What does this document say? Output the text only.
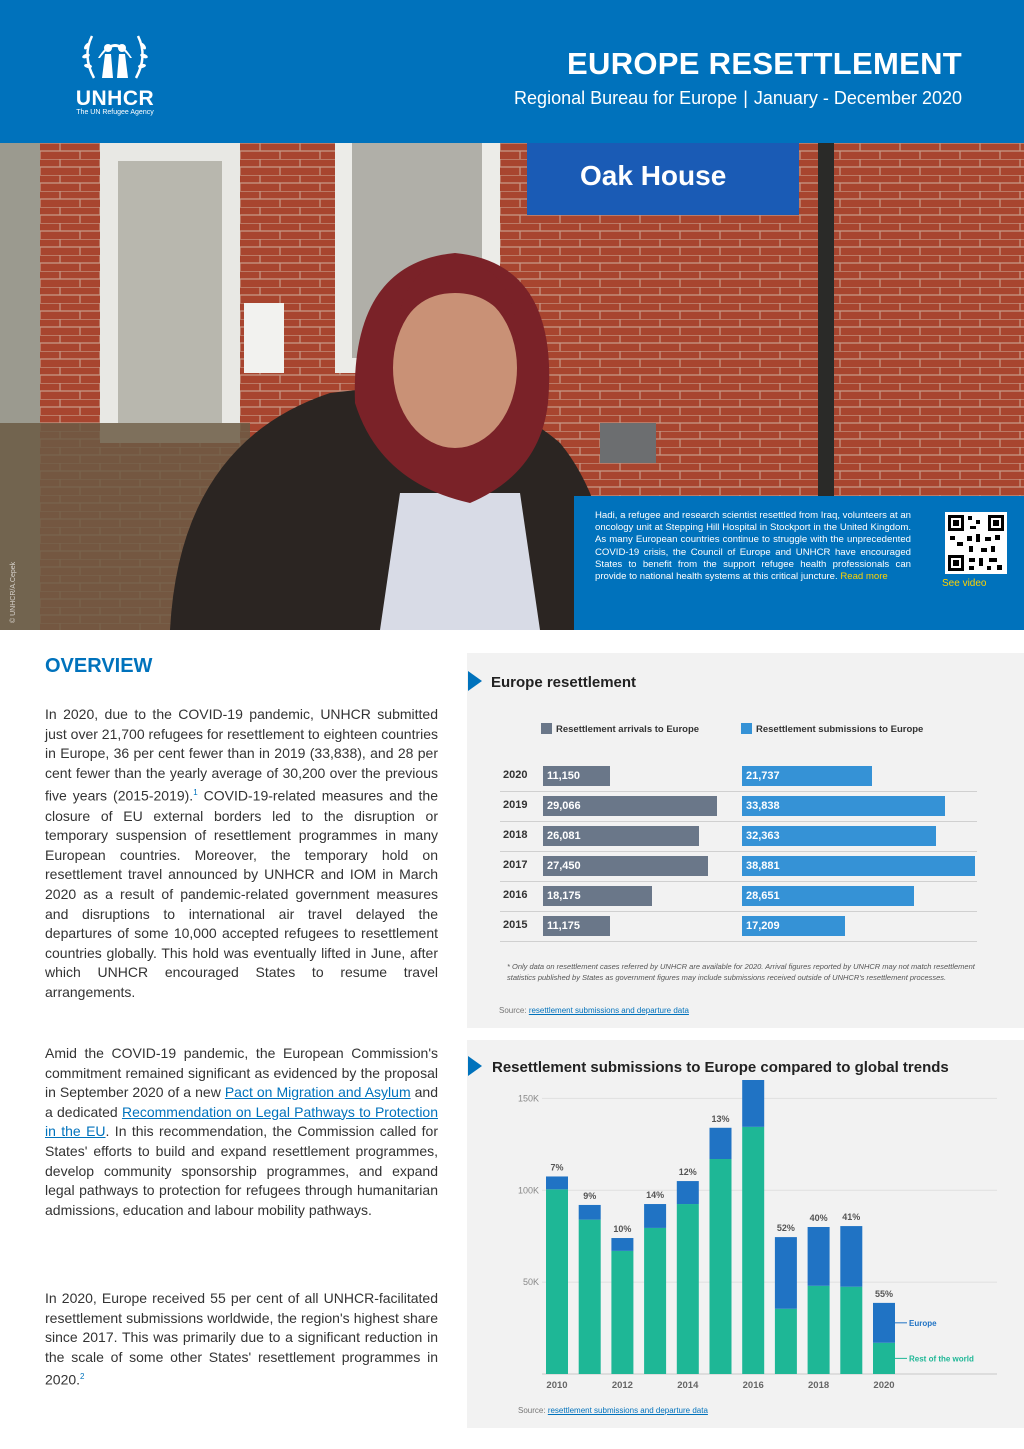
UNHCR
The UN Refugee Agency
EUROPE RESETTLEMENT
Regional Bureau for Europe | January - December 2020
Oak House
© UNHCR/A.Cepek

Hadi, a refugee and research scientist resettled from Iraq, volunteers at an oncology unit at Stepping Hill Hospital in Stockport in the United Kingdom. As many European countries continue to struggle with the unprecedented COVID-19 crisis, the Council of Europe and UNHCR have encouraged States to benefit from the support refugee health professionals can provide to national health systems at this critical juncture. Read more

See video
OVERVIEW

In 2020, due to the COVID-19 pandemic, UNHCR submitted just over 21,700 refugees for resettlement to eighteen countries in Europe, 36 per cent fewer than in 2019 (33,838), and 28 per cent fewer than the yearly average of 30,200 over the previous five years (2015-2019).$^1$ COVID-19-related measures and the closure of EU external borders led to the disruption or temporary suspension of resettlement programmes in many European countries. Moreover, the temporary hold on resettlement travel announced by UNHCR and IOM in March 2020 as a result of pandemic-related government measures and disruptions to international air travel delayed the departures of some 10,000 accepted refugees to resettlement countries globally. This hold was eventually lifted in June, after which UNHCR encouraged States to resume travel arrangements.

Amid the COVID-19 pandemic, the European Commission's commitment remained significant as evidenced by the proposal in September 2020 of a new Pact on Migration and Asylum and a dedicated Recommendation on Legal Pathways to Protection in the EU. In this recommendation, the Commission called for States' efforts to build and expand resettlement programmes, develop community sponsorship programmes, and expand legal pathways to protection for refugees through humanitarian admissions, education and labour mobility pathways.

In 2020, Europe received 55 per cent of all UNHCR-facilitated resettlement submissions worldwide, the region's highest share since 2017. This was primarily due to a significant reduction in the scale of some other States' resettlement programmes in 2020.$^2$

Europe resettlement
Resettlement arrivals to Europe	Resettlement submissions to Europe
2020	11,150	21,737
2019	29,066	33,838
2018	26,081	32,363
2017	27,450	38,881
2016	18,175	28,651
2015	11,175	17,209
* Only data on resettlement cases referred by UNHCR are available for 2020. Arrival figures reported by UNHCR may not match resettlement statistics published by States as government figures may include submissions received outside of UNHCR's resettlement processes.
Source: resettlement submissions and departure data
Resettlement submissions to Europe compared to global trends
50K
100K
150K
7%
2010
9%
10%
2012
14%
12%
2014
13%
2016
52%
40%
2018
41%
55%
2020
Europe
Rest of the world
Source: resettlement submissions and departure data
